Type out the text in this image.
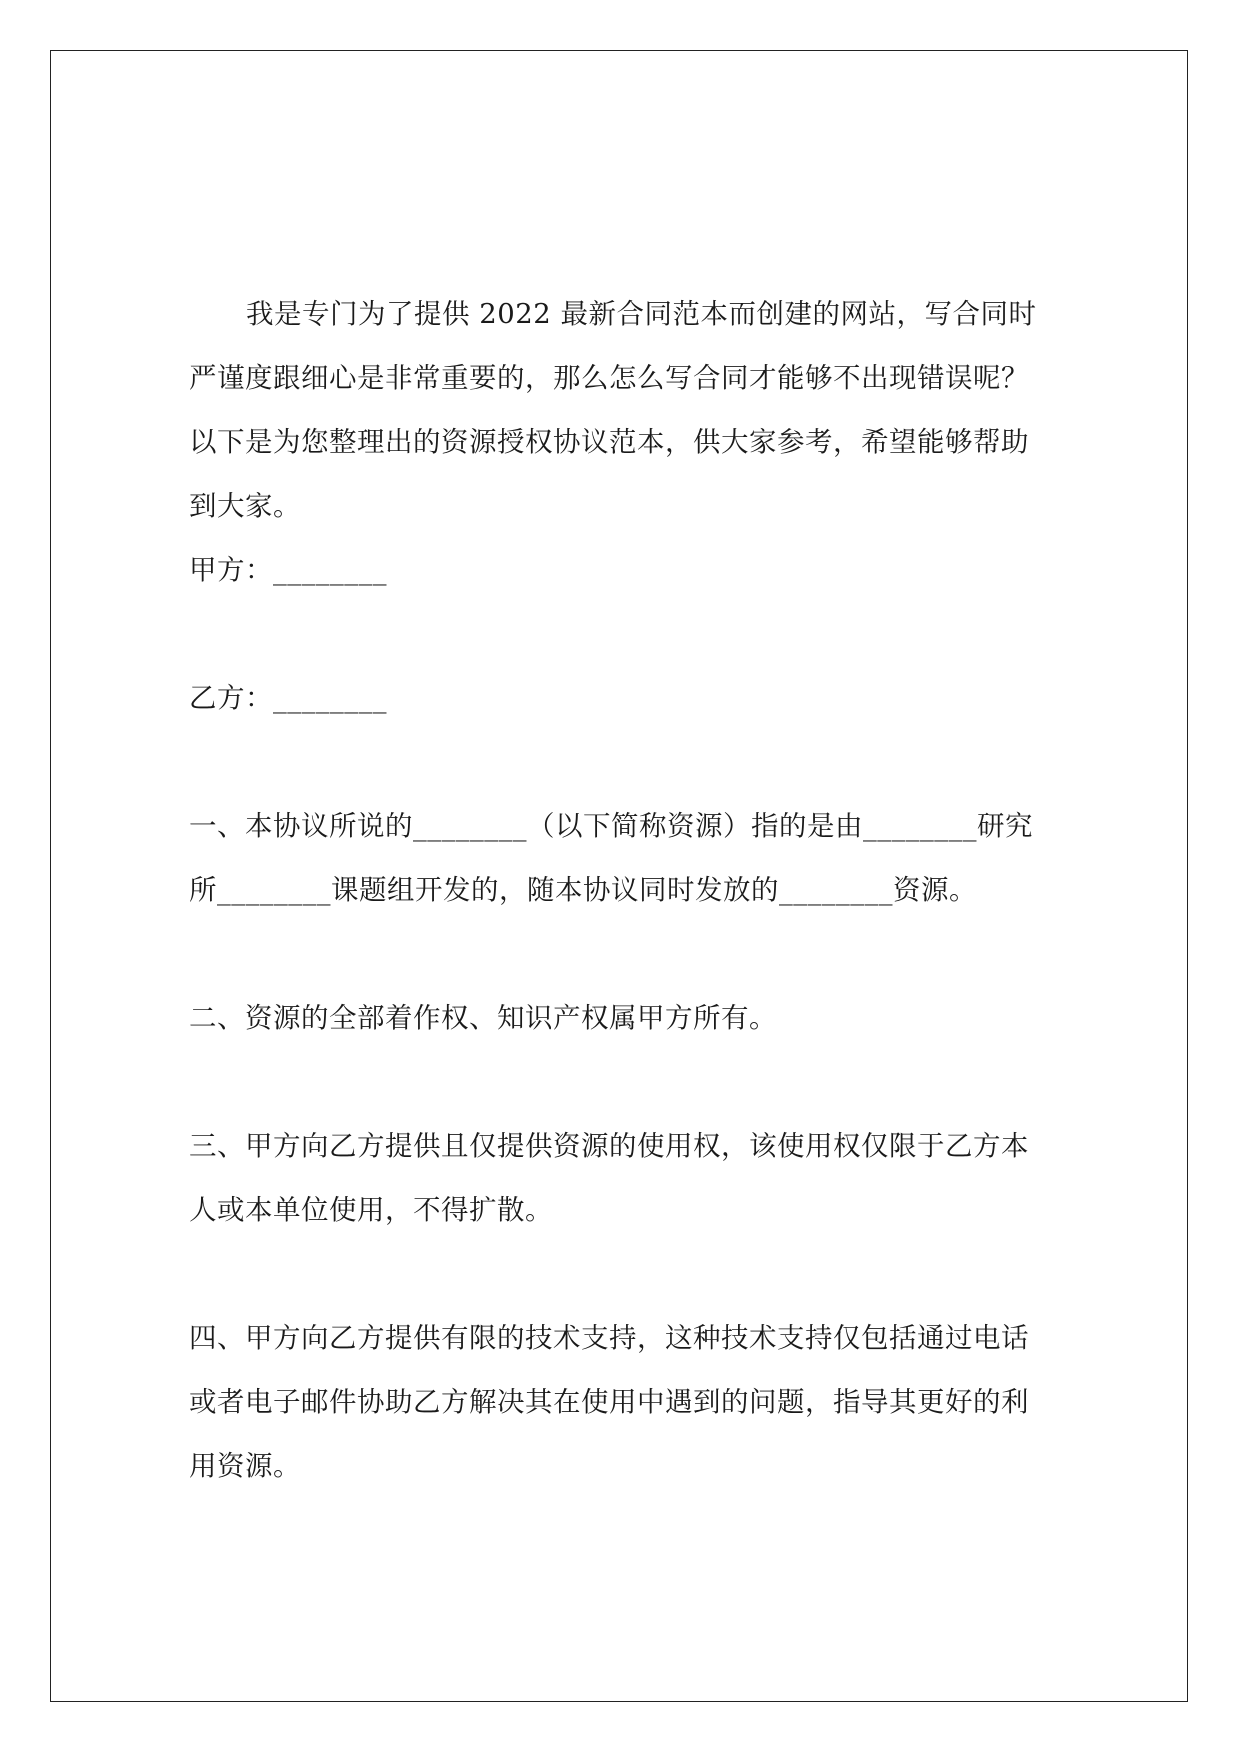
我是专门为了提供 2022 最新合同范本而创建的网站，写合同时
严谨度跟细心是非常重要的，那么怎么写合同才能够不出现错误呢？
以下是为您整理出的资源授权协议范本，供大家参考，希望能够帮助
到大家。
甲方：________
乙方：________
一、本协议所说的________（以下简称资源）指的是由________研究
所________课题组开发的，随本协议同时发放的________资源。
二、资源的全部着作权、知识产权属甲方所有。
三、甲方向乙方提供且仅提供资源的使用权，该使用权仅限于乙方本
人或本单位使用，不得扩散。
四、甲方向乙方提供有限的技术支持，这种技术支持仅包括通过电话
或者电子邮件协助乙方解决其在使用中遇到的问题，指导其更好的利
用资源。
